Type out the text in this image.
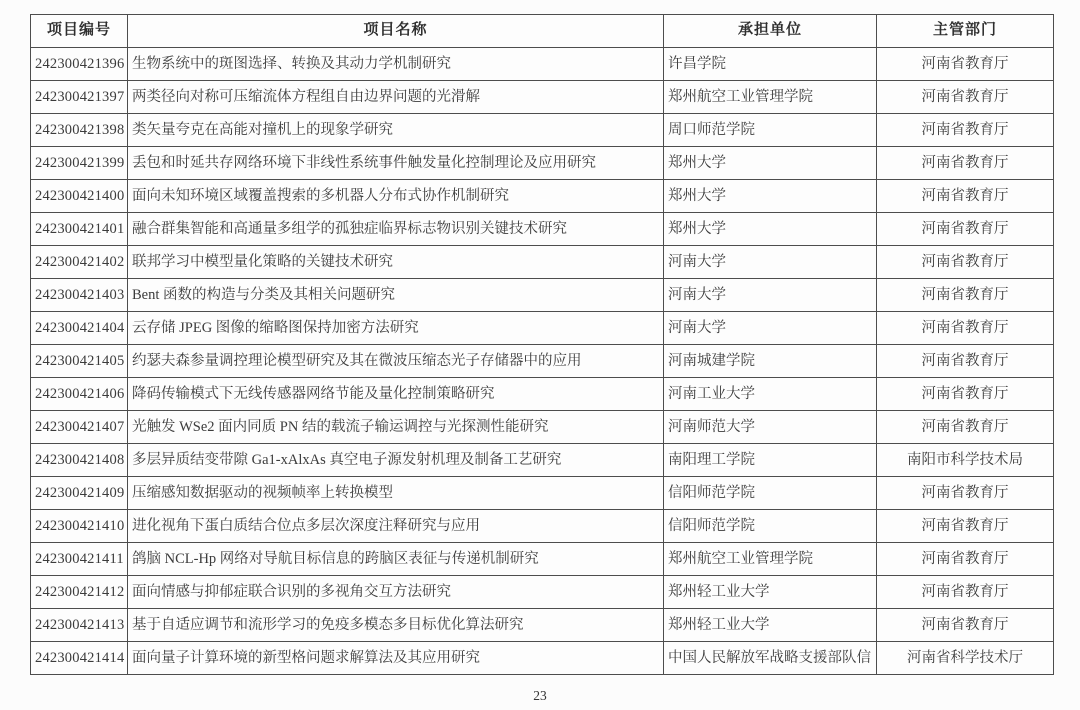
项目编号	项目名称	承担单位	主管部门
242300421396	生物系统中的斑图选择、转换及其动力学机制研究	许昌学院	河南省教育厅
242300421397	两类径向对称可压缩流体方程组自由边界问题的光滑解	郑州航空工业管理学院	河南省教育厅
242300421398	类矢量夸克在高能对撞机上的现象学研究	周口师范学院	河南省教育厅
242300421399	丢包和时延共存网络环境下非线性系统事件触发量化控制理论及应用研究	郑州大学	河南省教育厅
242300421400	面向未知环境区域覆盖搜索的多机器人分布式协作机制研究	郑州大学	河南省教育厅
242300421401	融合群集智能和高通量多组学的孤独症临界标志物识别关键技术研究	郑州大学	河南省教育厅
242300421402	联邦学习中模型量化策略的关键技术研究	河南大学	河南省教育厅
242300421403	Bent 函数的构造与分类及其相关问题研究	河南大学	河南省教育厅
242300421404	云存储 JPEG 图像的缩略图保持加密方法研究	河南大学	河南省教育厅
242300421405	约瑟夫森参量调控理论模型研究及其在微波压缩态光子存储器中的应用	河南城建学院	河南省教育厅
242300421406	降码传输模式下无线传感器网络节能及量化控制策略研究	河南工业大学	河南省教育厅
242300421407	光触发 WSe2 面内同质 PN 结的载流子输运调控与光探测性能研究	河南师范大学	河南省教育厅
242300421408	多层异质结变带隙 Ga1-xAlxAs 真空电子源发射机理及制备工艺研究	南阳理工学院	南阳市科学技术局
242300421409	压缩感知数据驱动的视频帧率上转换模型	信阳师范学院	河南省教育厅
242300421410	进化视角下蛋白质结合位点多层次深度注释研究与应用	信阳师范学院	河南省教育厅
242300421411	鸽脑 NCL-Hp 网络对导航目标信息的跨脑区表征与传递机制研究	郑州航空工业管理学院	河南省教育厅
242300421412	面向情感与抑郁症联合识别的多视角交互方法研究	郑州轻工业大学	河南省教育厅
242300421413	基于自适应调节和流形学习的免疫多模态多目标优化算法研究	郑州轻工业大学	河南省教育厅
242300421414	面向量子计算环境的新型格问题求解算法及其应用研究	中国人民解放军战略支援部队信	河南省科学技术厅
23
